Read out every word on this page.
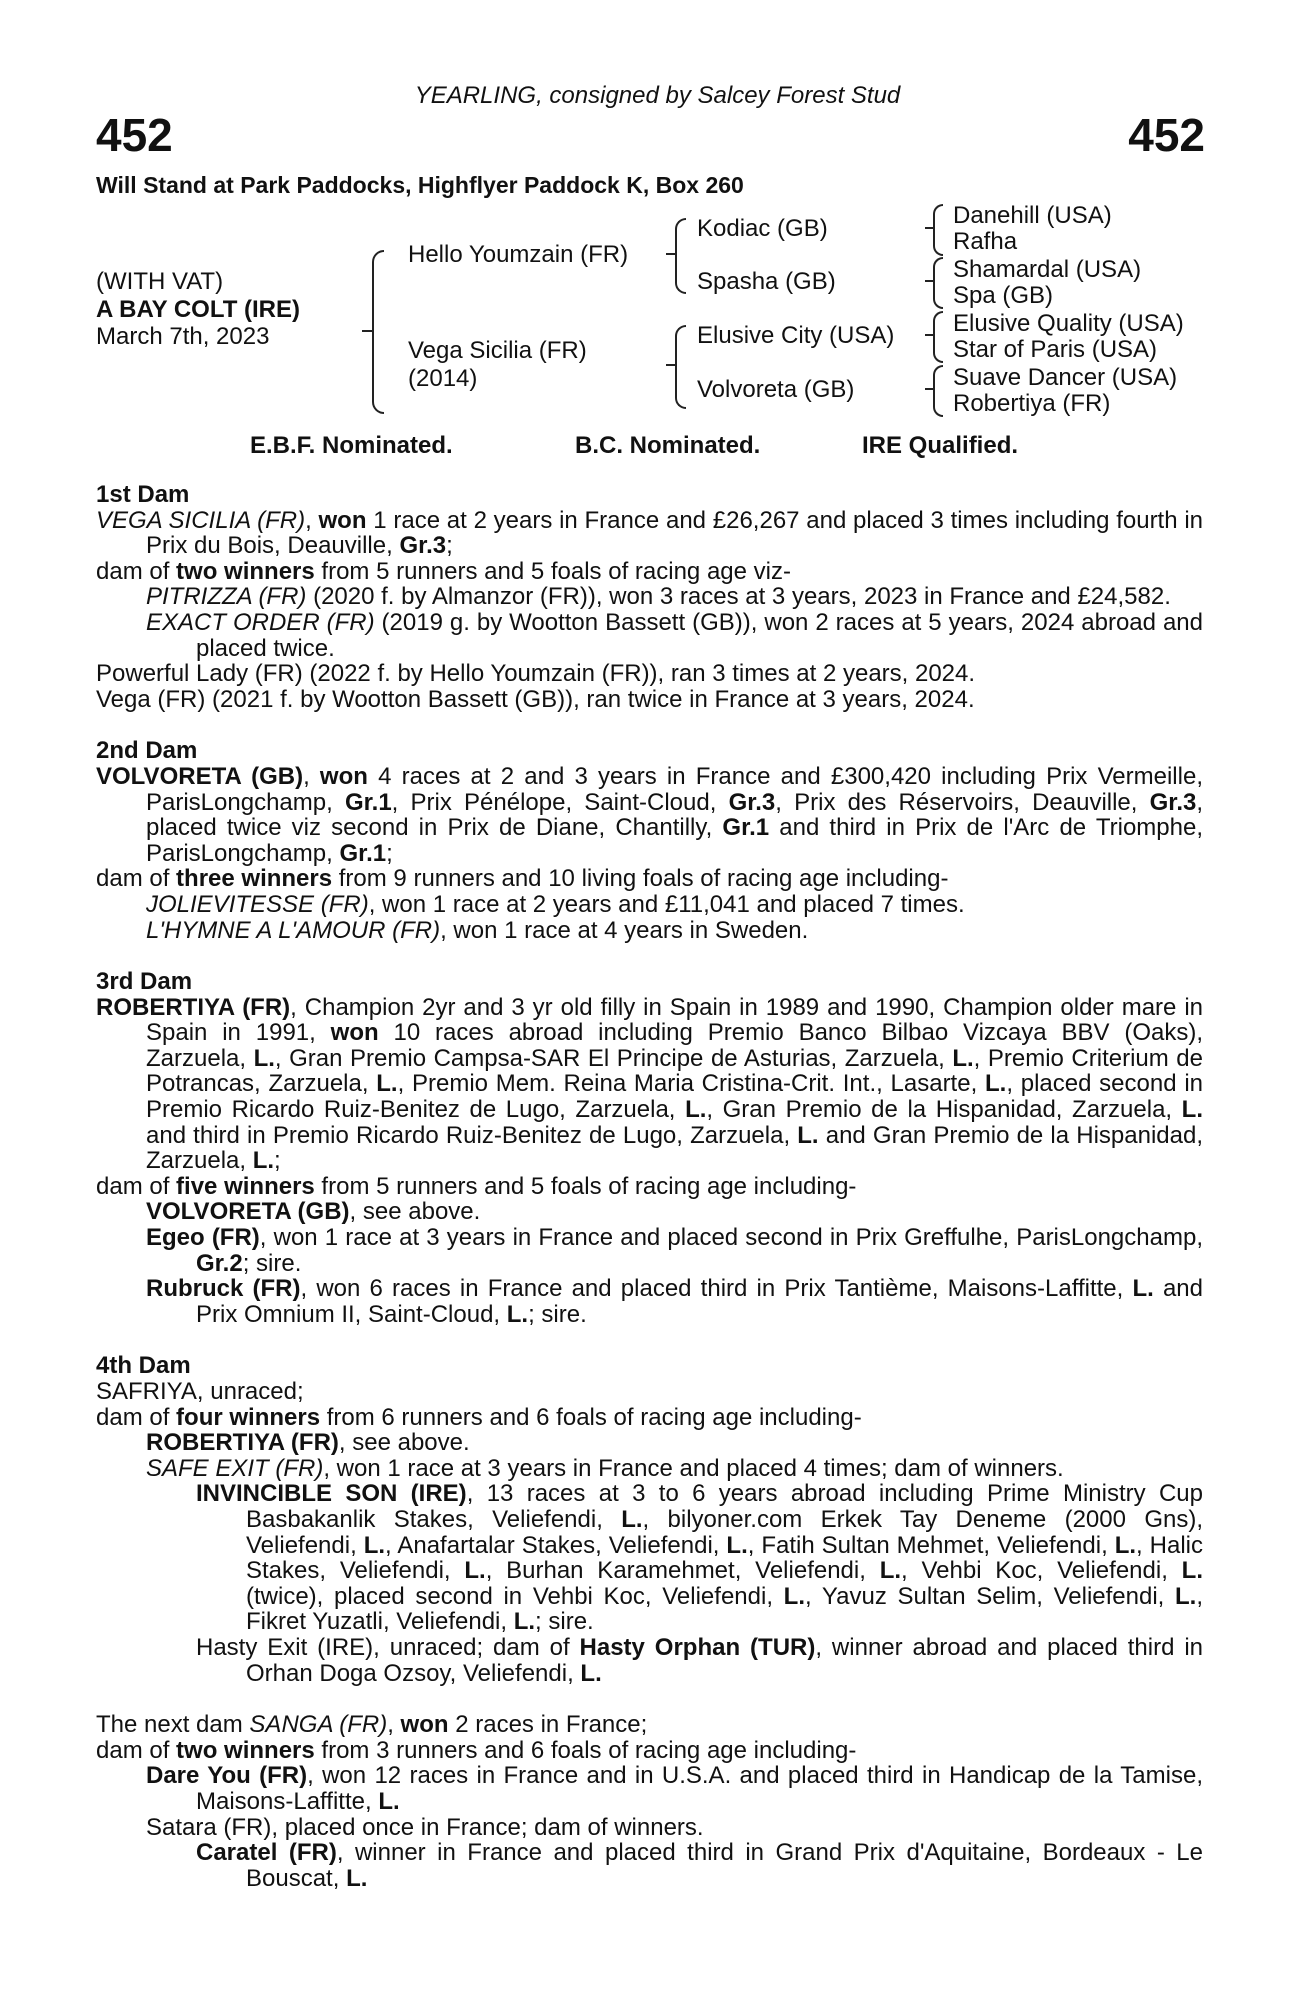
452	452
YEARLING, consigned by Salcey Forest Stud
Will Stand at Park Paddocks, Highflyer Paddock K, Box 260
(WITH VAT)
A BAY COLT (IRE)
March 7th, 2023
Hello Youmzain (FR)
Vega Sicilia (FR)
(2014)
Kodiac (GB)
Spasha (GB)
Elusive City (USA)
Volvoreta (GB)
Danehill (USA)
Rafha
Shamardal (USA)
Spa (GB)
Elusive Quality (USA)
Star of Paris (USA)
Suave Dancer (USA)
Robertiya (FR)
E.B.F. Nominated.	B.C. Nominated.	IRE Qualified.
1st Dam

VEGA SICILIA (FR), won 1 race at 2 years in France and £26,267 and placed 3 times including fourth in Prix du Bois, Deauville, Gr.3;

dam of two winners from 5 runners and 5 foals of racing age viz-

PITRIZZA (FR) (2020 f. by Almanzor (FR)), won 3 races at 3 years, 2023 in France and £24,582.

EXACT ORDER (FR) (2019 g. by Wootton Bassett (GB)), won 2 races at 5 years, 2024 abroad and placed twice.

Powerful Lady (FR) (2022 f. by Hello Youmzain (FR)), ran 3 times at 2 years, 2024.

Vega (FR) (2021 f. by Wootton Bassett (GB)), ran twice in France at 3 years, 2024.

2nd Dam

VOLVORETA (GB), won 4 races at 2 and 3 years in France and £300,420 including Prix Vermeille, ParisLongchamp, Gr.1, Prix Pénélope, Saint-Cloud, Gr.3, Prix des Réservoirs, Deauville, Gr.3, placed twice viz second in Prix de Diane, Chantilly, Gr.1 and third in Prix de l'Arc de Triomphe, ParisLongchamp, Gr.1;

dam of three winners from 9 runners and 10 living foals of racing age including-

JOLIEVITESSE (FR), won 1 race at 2 years and £11,041 and placed 7 times.

L'HYMNE A L'AMOUR (FR), won 1 race at 4 years in Sweden.

3rd Dam

ROBERTIYA (FR), Champion 2yr and 3 yr old filly in Spain in 1989 and 1990, Champion older mare in Spain in 1991, won 10 races abroad including Premio Banco Bilbao Vizcaya BBV (Oaks), Zarzuela, L., Gran Premio Campsa-SAR El Principe de Asturias, Zarzuela, L., Premio Criterium de Potrancas, Zarzuela, L., Premio Mem. Reina Maria Cristina-Crit. Int., Lasarte, L., placed second in Premio Ricardo Ruiz-Benitez de Lugo, Zarzuela, L., Gran Premio de la Hispanidad, Zarzuela, L. and third in Premio Ricardo Ruiz-Benitez de Lugo, Zarzuela, L. and Gran Premio de la Hispanidad, Zarzuela, L.;

dam of five winners from 5 runners and 5 foals of racing age including-

VOLVORETA (GB), see above.

Egeo (FR), won 1 race at 3 years in France and placed second in Prix Greffulhe, ParisLongchamp, Gr.2; sire.

Rubruck (FR), won 6 races in France and placed third in Prix Tantième, Maisons-Laffitte, L. and Prix Omnium II, Saint-Cloud, L.; sire.

4th Dam

SAFRIYA, unraced;

dam of four winners from 6 runners and 6 foals of racing age including-

ROBERTIYA (FR), see above.

SAFE EXIT (FR), won 1 race at 3 years in France and placed 4 times; dam of winners.

INVINCIBLE SON (IRE), 13 races at 3 to 6 years abroad including Prime Ministry Cup Basbakanlik Stakes, Veliefendi, L., bilyoner.com Erkek Tay Deneme (2000 Gns), Veliefendi, L., Anafartalar Stakes, Veliefendi, L., Fatih Sultan Mehmet, Veliefendi, L., Halic Stakes, Veliefendi, L., Burhan Karamehmet, Veliefendi, L., Vehbi Koc, Veliefendi, L. (twice), placed second in Vehbi Koc, Veliefendi, L., Yavuz Sultan Selim, Veliefendi, L., Fikret Yuzatli, Veliefendi, L.; sire.

Hasty Exit (IRE), unraced; dam of Hasty Orphan (TUR), winner abroad and placed third in Orhan Doga Ozsoy, Veliefendi, L.

The next dam SANGA (FR), won 2 races in France;

dam of two winners from 3 runners and 6 foals of racing age including-

Dare You (FR), won 12 races in France and in U.S.A. and placed third in Handicap de la Tamise, Maisons-Laffitte, L.

Satara (FR), placed once in France; dam of winners.

Caratel (FR), winner in France and placed third in Grand Prix d'Aquitaine, Bordeaux - Le Bouscat, L.
